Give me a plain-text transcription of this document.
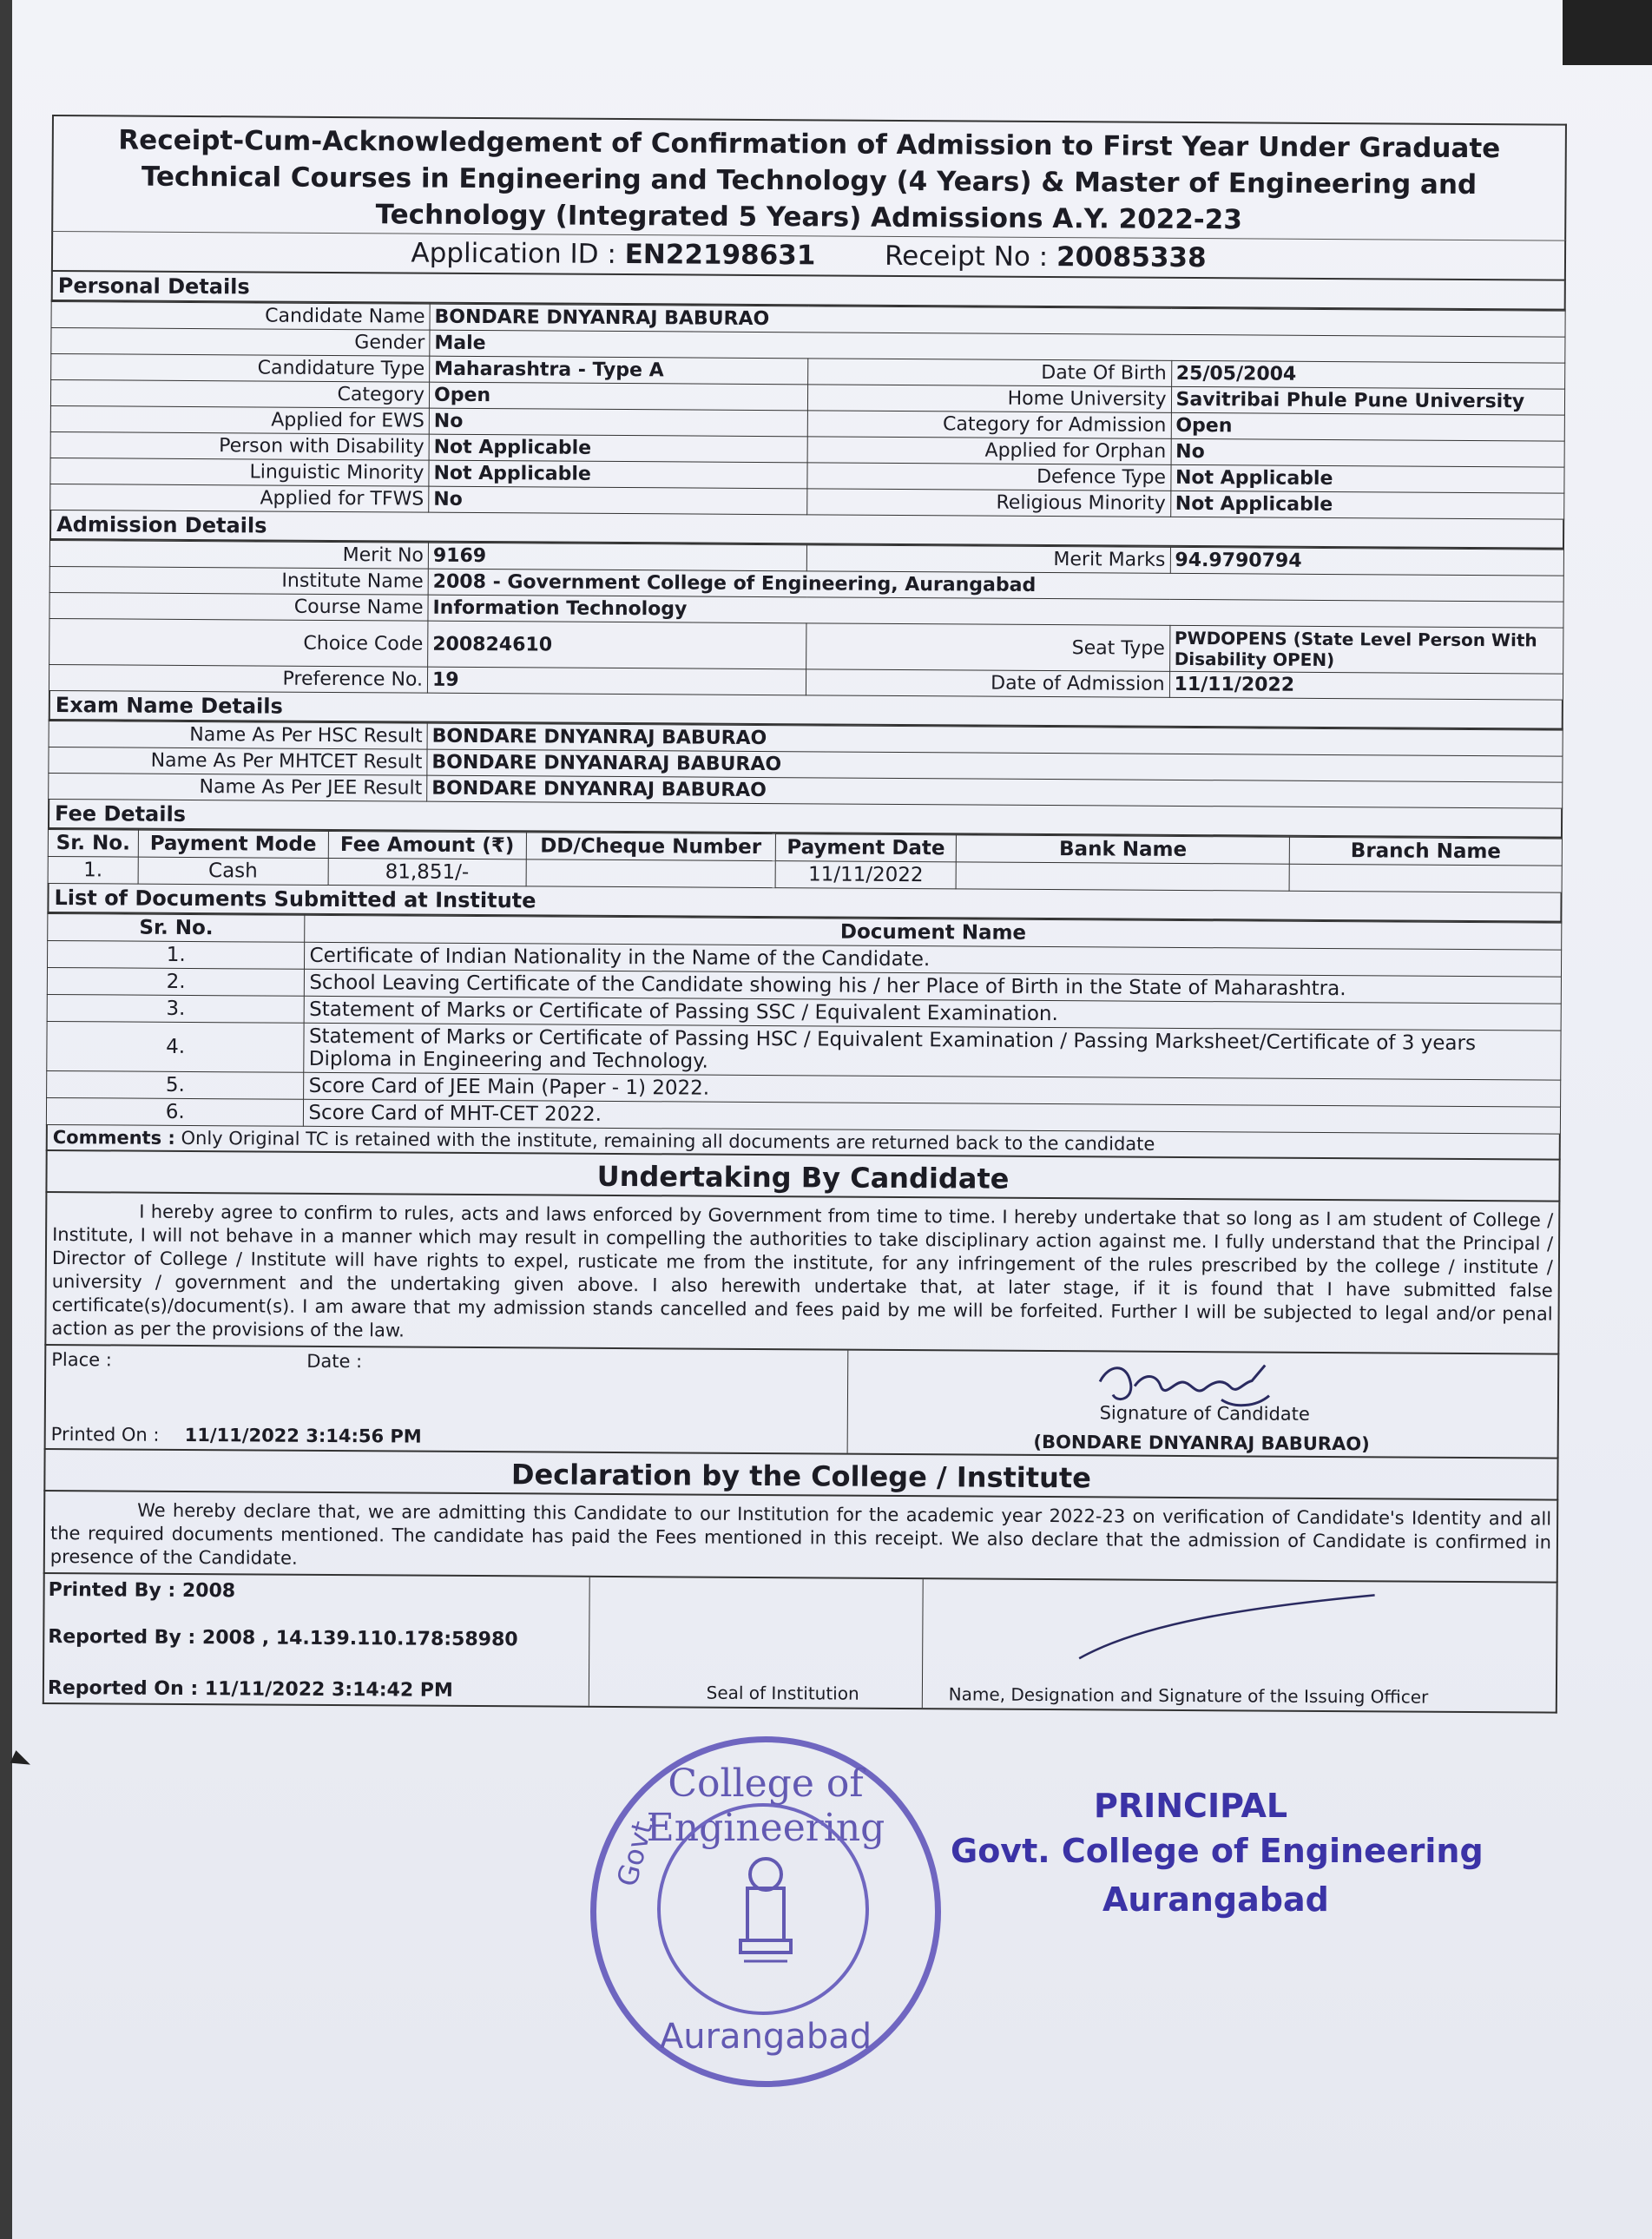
Receipt-Cum-Acknowledgement of Confirmation of Admission to First Year Under Graduate Technical Courses in Engineering and Technology (4 Years) & Master of Engineering and Technology (Integrated 5 Years) Admissions A.Y. 2022-23
Application ID : EN22198631	Receipt No : 20085338
Personal Details
Candidate Name	BONDARE DNYANRAJ BABURAO		
Gender	Male		
Candidature Type	Maharashtra - Type A	Date Of Birth	25/05/2004
Category	Open	Home University	Savitribai Phule Pune University
Applied for EWS	No	Category for Admission	Open
Person with Disability	Not Applicable	Applied for Orphan	No
Linguistic Minority	Not Applicable	Defence Type	Not Applicable
Applied for TFWS	No	Religious Minority	Not Applicable
Admission Details
Merit No	9169	Merit Marks	94.9790794
Institute Name	2008 - Government College of Engineering, Aurangabad		
Course Name	Information Technology		
Choice Code	200824610	Seat Type	PWDOPENS (State Level Person With Disability OPEN)
Preference No.	19	Date of Admission	11/11/2022
Exam Name Details
Name As Per HSC Result	BONDARE DNYANRAJ BABURAO
Name As Per MHTCET Result	BONDARE DNYANARAJ BABURAO
Name As Per JEE Result	BONDARE DNYANRAJ BABURAO
Fee Details
Sr. No.	Payment Mode	Fee Amount (₹)	DD/Cheque Number	Payment Date	Bank Name	Branch Name
1.	Cash	81,851/-		11/11/2022		
List of Documents Submitted at Institute
Sr. No.	Document Name
1.	Certificate of Indian Nationality in the Name of the Candidate.
2.	School Leaving Certificate of the Candidate showing his / her Place of Birth in the State of Maharashtra.
3.	Statement of Marks or Certificate of Passing SSC / Equivalent Examination.
4.	Statement of Marks or Certificate of Passing HSC / Equivalent Examination / Passing Marksheet/Certificate of 3 years Diploma in Engineering and Technology.
5.	Score Card of JEE Main (Paper - 1) 2022.
6.	Score Card of MHT-CET 2022.
Comments : Only Original TC is retained with the institute, remaining all documents are returned back to the candidate
Undertaking By Candidate
I hereby agree to confirm to rules, acts and laws enforced by Government from time to time. I hereby undertake that so long as I am student of College / Institute, I will not behave in a manner which may result in compelling the authorities to take disciplinary action against me. I fully understand that the Principal / Director of College / Institute will have rights to expel, rusticate me from the institute, for any infringement of the rules prescribed by the college / institute / university / government and the undertaking given above. I also herewith undertake that, at later stage, if it is found that I have submitted false certificate(s)/document(s). I am aware that my admission stands cancelled and fees paid by me will be forfeited. Further I will be subjected to legal and/or penal action as per the provisions of the law.
Place :	Date :
Printed On : 11/11/2022 3:14:56 PM
Signature of Candidate
(BONDARE DNYANRAJ BABURAO)
Declaration by the College / Institute
We hereby declare that, we are admitting this Candidate to our Institution for the academic year 2022-23 on verification of Candidate's Identity and all the required documents mentioned. The candidate has paid the Fees mentioned in this receipt. We also declare that the admission of Candidate is confirmed in presence of the Candidate.
Printed By : 2008
Reported By : 2008 , 14.139.110.178:58980
Reported On : 11/11/2022 3:14:42 PM	Seal of Institution	Name, Designation and Signature of the Issuing Officer
College of Engineering
Govt.
Aurangabad
PRINCIPAL
Govt. College of Engineering
Aurangabad
